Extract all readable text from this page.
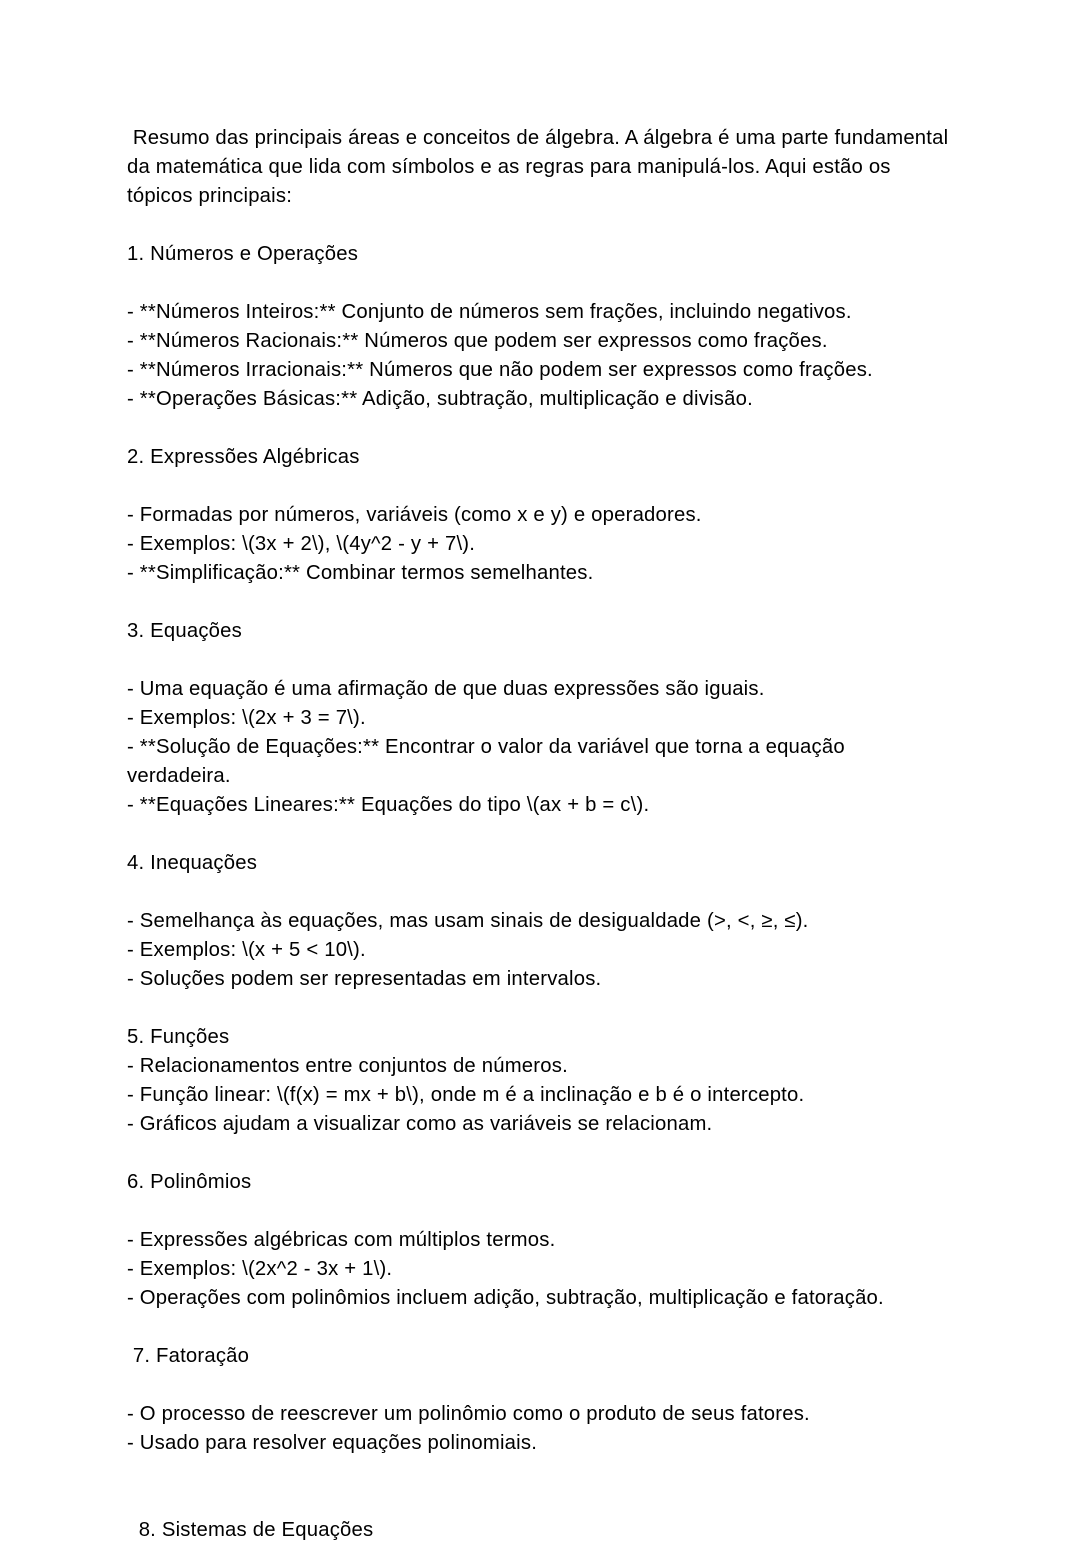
Resumo das principais áreas e conceitos de álgebra. A álgebra é uma parte fundamental da matemática que lida com símbolos e as regras para manipulá-los. Aqui estão os tópicos principais:

1. Números e Operações

- **Números Inteiros:** Conjunto de números sem frações, incluindo negativos.

- **Números Racionais:** Números que podem ser expressos como frações.

- **Números Irracionais:** Números que não podem ser expressos como frações.

- **Operações Básicas:** Adição, subtração, multiplicação e divisão.

2. Expressões Algébricas

- Formadas por números, variáveis (como x e y) e operadores.

- Exemplos: \(3x + 2\), \(4y^2 - y + 7\).

- **Simplificação:** Combinar termos semelhantes.

3. Equações

- Uma equação é uma afirmação de que duas expressões são iguais.

- Exemplos: \(2x + 3 = 7\).

- **Solução de Equações:** Encontrar o valor da variável que torna a equação verdadeira.

- **Equações Lineares:** Equações do tipo \(ax + b = c\).

4. Inequações

- Semelhança às equações, mas usam sinais de desigualdade (>, <, ≥, ≤).

- Exemplos: \(x + 5 < 10\).

- Soluções podem ser representadas em intervalos.

5. Funções

- Relacionamentos entre conjuntos de números.

- Função linear: \(f(x) = mx + b\), onde m é a inclinação e b é o intercepto.

- Gráficos ajudam a visualizar como as variáveis se relacionam.

6. Polinômios

- Expressões algébricas com múltiplos termos.

- Exemplos: \(2x^2 - 3x + 1\).

- Operações com polinômios incluem adição, subtração, multiplicação e fatoração.

7. Fatoração

- O processo de reescrever um polinômio como o produto de seus fatores.

- Usado para resolver equações polinomiais.

8. Sistemas de Equações
